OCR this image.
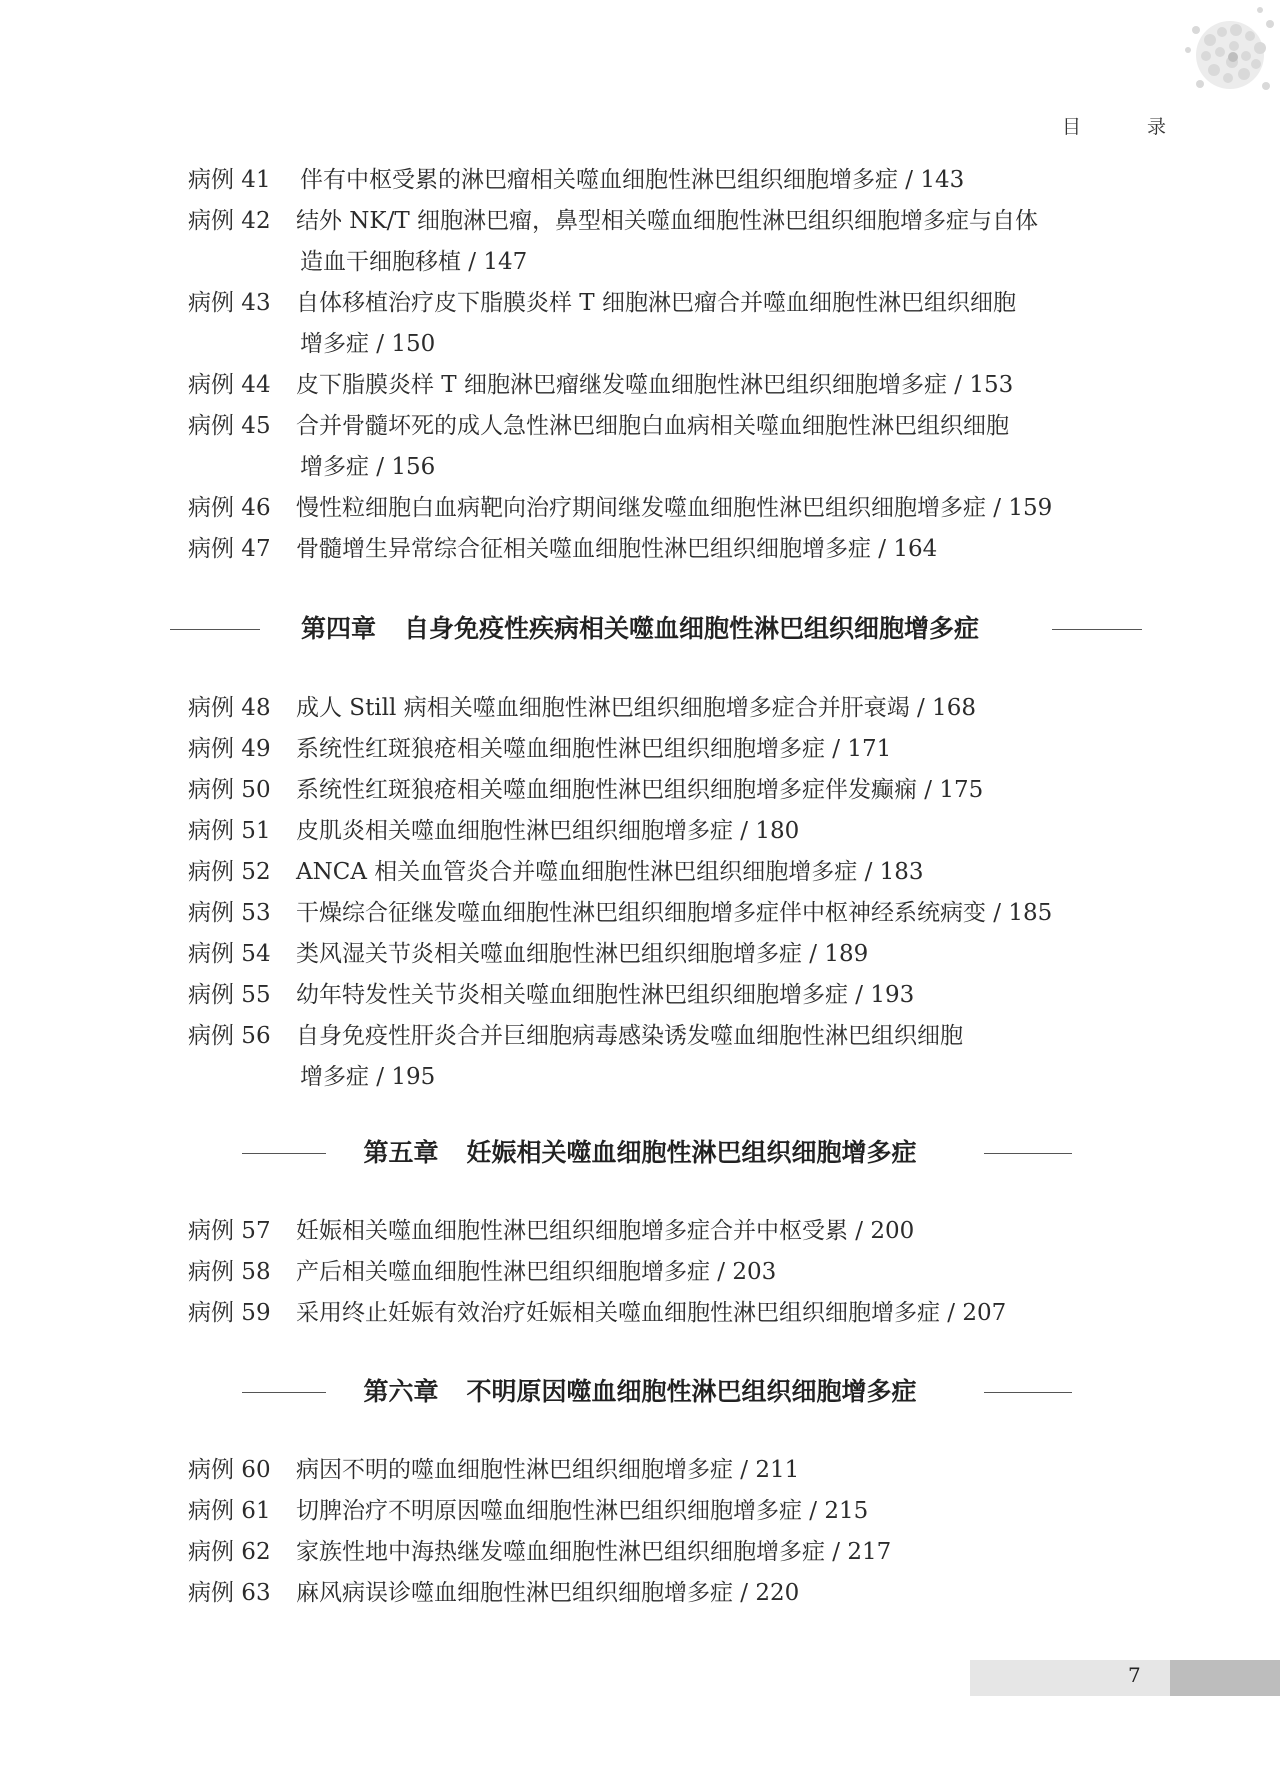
目 录
病例 41	伴有中枢受累的淋巴瘤相关噬血细胞性淋巴组织细胞增多症 / 143
病例 42	结外 NK/T 细胞淋巴瘤，鼻型相关噬血细胞性淋巴组织细胞增多症与自体
造血干细胞移植 / 147
病例 43	自体移植治疗皮下脂膜炎样 T 细胞淋巴瘤合并噬血细胞性淋巴组织细胞
增多症 / 150
病例 44	皮下脂膜炎样 T 细胞淋巴瘤继发噬血细胞性淋巴组织细胞增多症 / 153
病例 45	合并骨髓坏死的成人急性淋巴细胞白血病相关噬血细胞性淋巴组织细胞
增多症 / 156
病例 46	慢性粒细胞白血病靶向治疗期间继发噬血细胞性淋巴组织细胞增多症 / 159
病例 47	骨髓增生异常综合征相关噬血细胞性淋巴组织细胞增多症 / 164
第四章 自身免疫性疾病相关噬血细胞性淋巴组织细胞增多症
病例 48	成人 Still 病相关噬血细胞性淋巴组织细胞增多症合并肝衰竭 / 168
病例 49	系统性红斑狼疮相关噬血细胞性淋巴组织细胞增多症 / 171
病例 50	系统性红斑狼疮相关噬血细胞性淋巴组织细胞增多症伴发癫痫 / 175
病例 51	皮肌炎相关噬血细胞性淋巴组织细胞增多症 / 180
病例 52	ANCA 相关血管炎合并噬血细胞性淋巴组织细胞增多症 / 183
病例 53	干燥综合征继发噬血细胞性淋巴组织细胞增多症伴中枢神经系统病变 / 185
病例 54	类风湿关节炎相关噬血细胞性淋巴组织细胞增多症 / 189
病例 55	幼年特发性关节炎相关噬血细胞性淋巴组织细胞增多症 / 193
病例 56	自身免疫性肝炎合并巨细胞病毒感染诱发噬血细胞性淋巴组织细胞
增多症 / 195
第五章 妊娠相关噬血细胞性淋巴组织细胞增多症
病例 57	妊娠相关噬血细胞性淋巴组织细胞增多症合并中枢受累 / 200
病例 58	产后相关噬血细胞性淋巴组织细胞增多症 / 203
病例 59	采用终止妊娠有效治疗妊娠相关噬血细胞性淋巴组织细胞增多症 / 207
第六章 不明原因噬血细胞性淋巴组织细胞增多症
病例 60	病因不明的噬血细胞性淋巴组织细胞增多症 / 211
病例 61	切脾治疗不明原因噬血细胞性淋巴组织细胞增多症 / 215
病例 62	家族性地中海热继发噬血细胞性淋巴组织细胞增多症 / 217
病例 63	麻风病误诊噬血细胞性淋巴组织细胞增多症 / 220
7
